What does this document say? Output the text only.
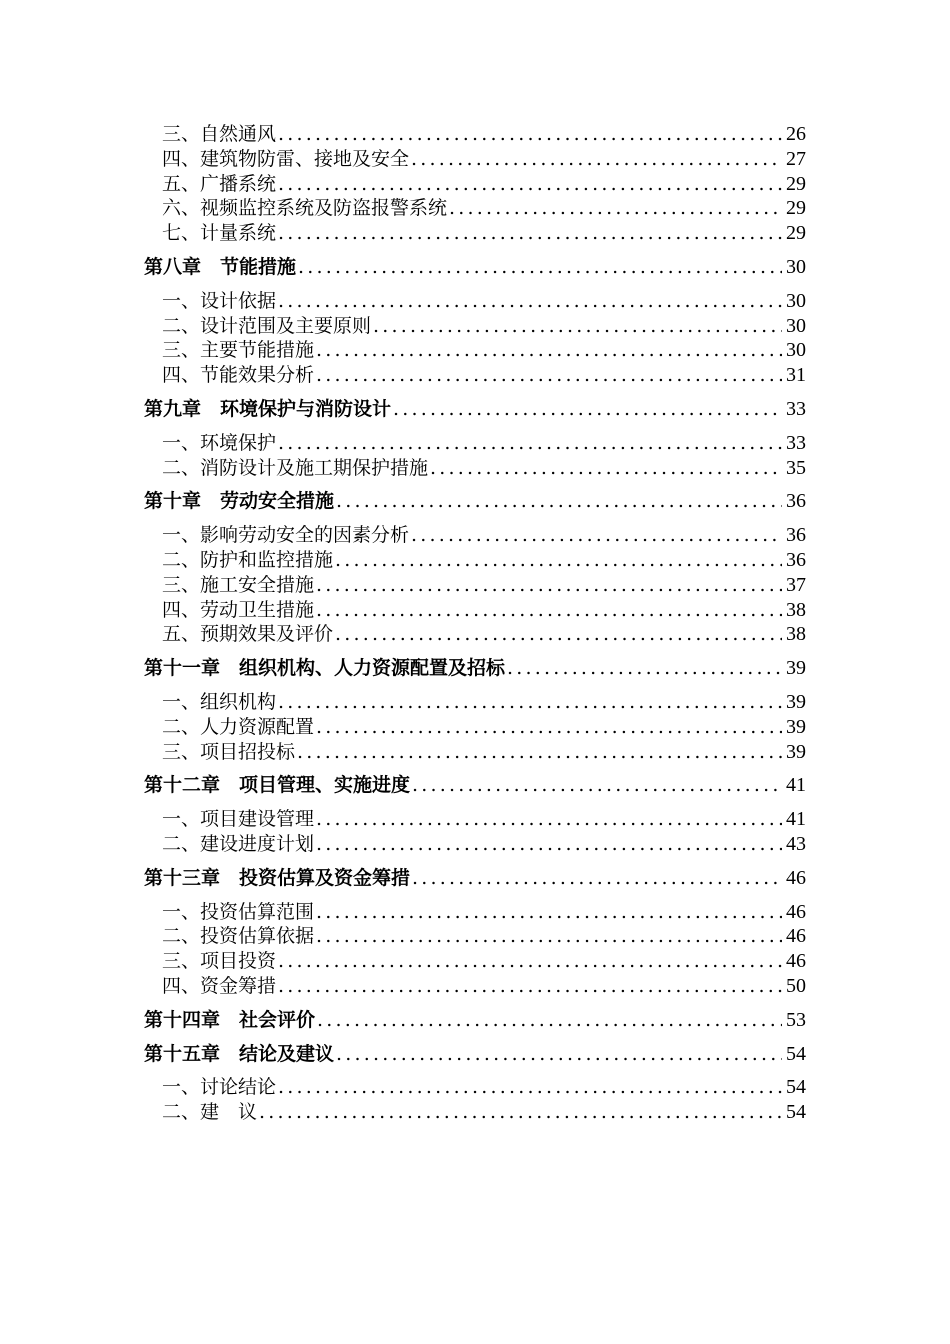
三、自然通风 .....	26
四、建筑物防雷、接地及安全 .....	27
五、广播系统 .....	29
六、视频监控系统及防盗报警系统 .....	29
七、计量系统 .....	29
第八章　节能措施 .....	30
一、设计依据 .....	30
二、设计范围及主要原则 .....	30
三、主要节能措施 .....	30
四、节能效果分析 .....	31
第九章　环境保护与消防设计 .....	33
一、环境保护 .....	33
二、消防设计及施工期保护措施 .....	35
第十章　劳动安全措施 .....	36
一、影响劳动安全的因素分析 .....	36
二、防护和监控措施 .....	36
三、施工安全措施 .....	37
四、劳动卫生措施 .....	38
五、预期效果及评价 .....	38
第十一章　组织机构、人力资源配置及招标 .....	39
一、组织机构 .....	39
二、人力资源配置 .....	39
三、项目招投标 .....	39
第十二章　项目管理、实施进度 .....	41
一、项目建设管理 .....	41
二、建设进度计划 .....	43
第十三章　投资估算及资金筹措 .....	46
一、投资估算范围 .....	46
二、投资估算依据 .....	46
三、项目投资 .....	46
四、资金筹措 .....	50
第十四章　社会评价 .....	53
第十五章　结论及建议 .....	54
一、讨论结论 .....	54
二、建　议 .....	54
